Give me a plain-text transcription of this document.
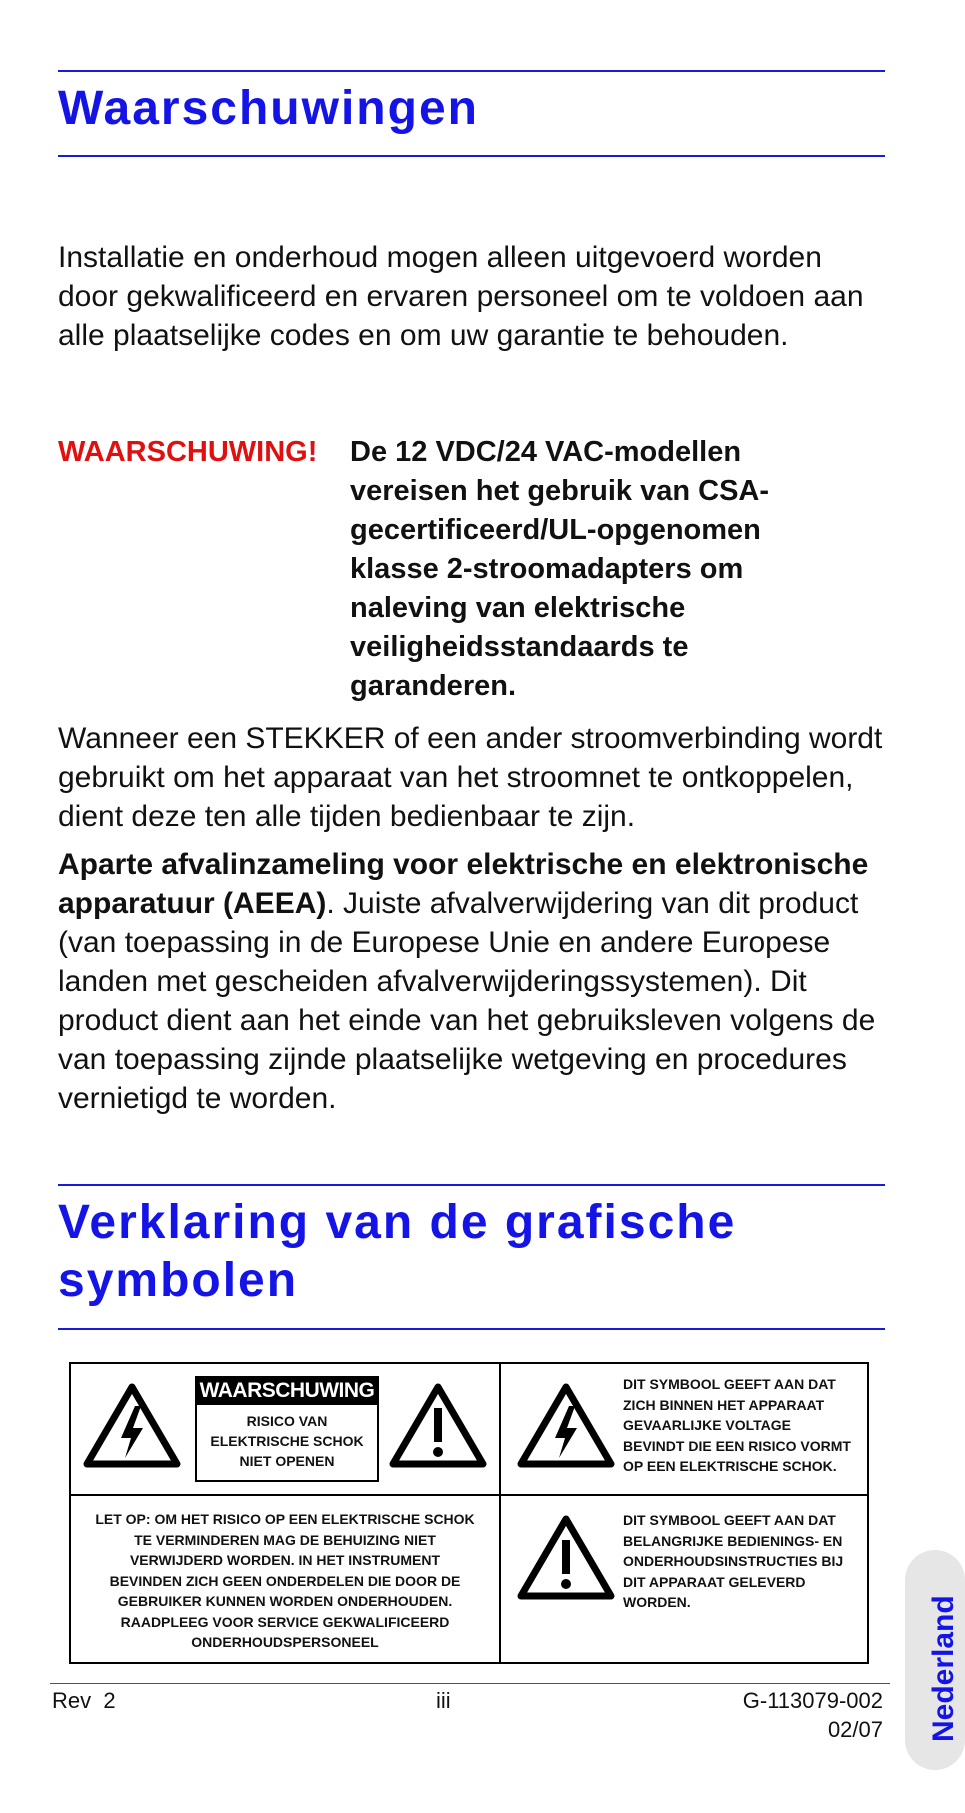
Waarschuwingen

Installatie en onderhoud mogen alleen uitgevoerd worden door gekwalificeerd en ervaren personeel om te voldoen aan alle plaatselijke codes en om uw garantie te behouden.

WAARSCHUWING! De 12 VDC/24 VAC-modellen vereisen het gebruik van CSA-gecertificeerd/UL-opgenomen klasse 2-stroomadapters om naleving van elektrische veiligheidsstandaards te garanderen.

Wanneer een STEKKER of een ander stroomverbinding wordt gebruikt om het apparaat van het stroomnet te ontkoppelen, dient deze ten alle tijden bedienbaar te zijn.

Aparte afvalinzameling voor elektrische en elektronische apparatuur (AEEA). Juiste afvalverwijdering van dit product (van toepassing in de Europese Unie en andere Europese landen met gescheiden afvalverwijderingssystemen). Dit product dient aan het einde van het gebruiksleven volgens de van toepassing zijnde plaatselijke wetgeving en procedures vernietigd te worden.

Verklaring van de grafische
symbolen
WAARSCHUWING
RISICO VAN
ELEKTRISCHE SCHOK
NIET OPENEN
DIT SYMBOOL GEEFT AAN DAT
ZICH BINNEN HET APPARAAT
GEVAARLIJKE VOLTAGE
BEVINDT DIE EEN RISICO VORMT
OP EEN ELEKTRISCHE SCHOK.
LET OP: OM HET RISICO OP EEN ELEKTRISCHE SCHOK
TE VERMINDEREN MAG DE BEHUIZING NIET
VERWIJDERD WORDEN. IN HET INSTRUMENT
BEVINDEN ZICH GEEN ONDERDELEN DIE DOOR DE
GEBRUIKER KUNNEN WORDEN ONDERHOUDEN.
RAADPLEEG VOOR SERVICE GEKWALIFICEERD
ONDERHOUDSPERSONEEL
DIT SYMBOOL GEEFT AAN DAT
BELANGRIJKE BEDIENINGS- EN
ONDERHOUDSINSTRUCTIES BIJ
DIT APPARAAT GELEVERD
WORDEN.
Rev  2	iii	G-113079-002
02/07 Nederland
